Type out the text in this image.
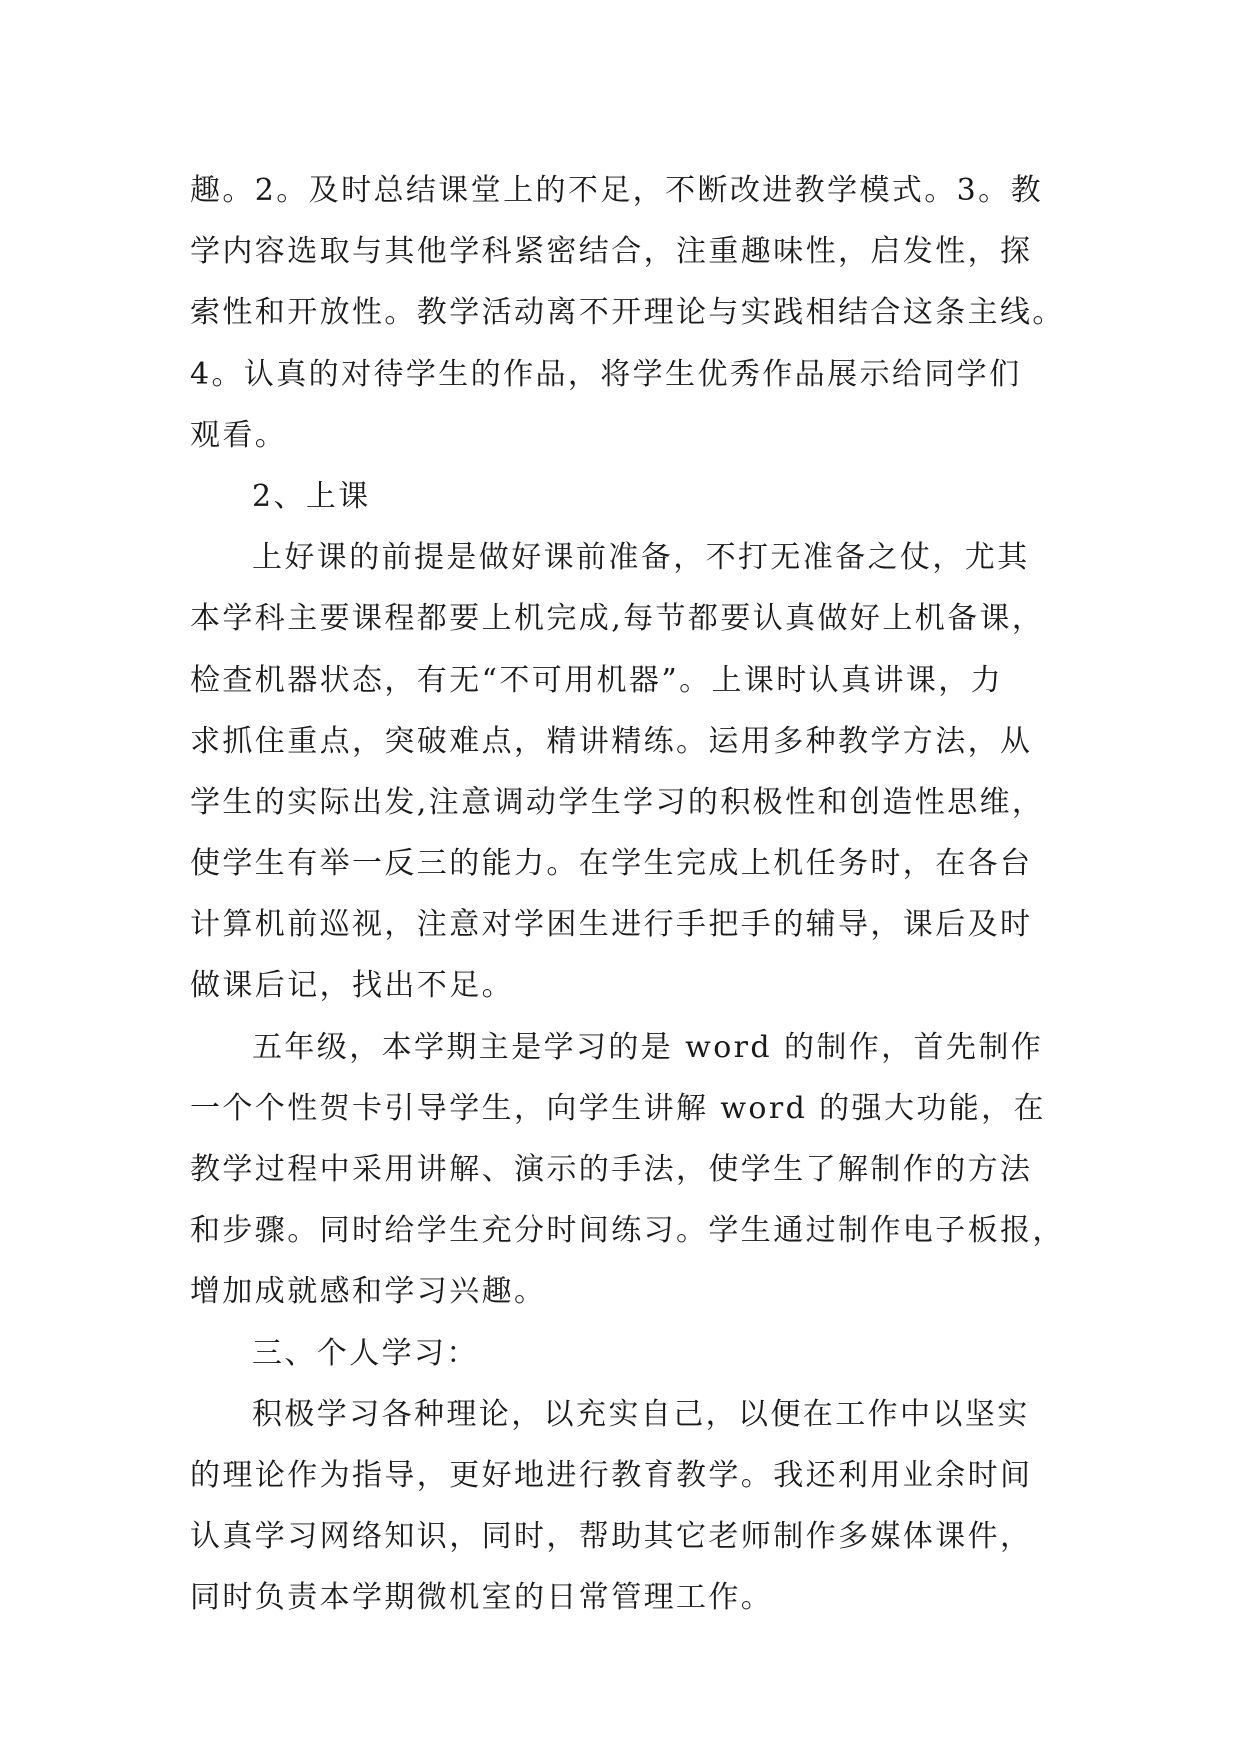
趣。2。及时总结课堂上的不足，不断改进教学模式。3。教
学内容选取与其他学科紧密结合，注重趣味性，启发性，探
索性和开放性。教学活动离不开理论与实践相结合这条主线。
4。认真的对待学生的作品，将学生优秀作品展示给同学们
观看。
2、上课
上好课的前提是做好课前准备，不打无准备之仗，尤其
本学科主要课程都要上机完成,每节都要认真做好上机备课，
检查机器状态，有无“不可用机器”。上课时认真讲课，力
求抓住重点，突破难点，精讲精练。运用多种教学方法，从
学生的实际出发,注意调动学生学习的积极性和创造性思维，
使学生有举一反三的能力。在学生完成上机任务时，在各台
计算机前巡视，注意对学困生进行手把手的辅导，课后及时
做课后记，找出不足。
五年级，本学期主是学习的是 word 的制作，首先制作
一个个性贺卡引导学生，向学生讲解 word 的强大功能，在
教学过程中采用讲解、演示的手法，使学生了解制作的方法
和步骤。同时给学生充分时间练习。学生通过制作电子板报，
增加成就感和学习兴趣。
三、个人学习：
积极学习各种理论，以充实自己，以便在工作中以坚实
的理论作为指导，更好地进行教育教学。我还利用业余时间
认真学习网络知识，同时，帮助其它老师制作多媒体课件，
同时负责本学期微机室的日常管理工作。
